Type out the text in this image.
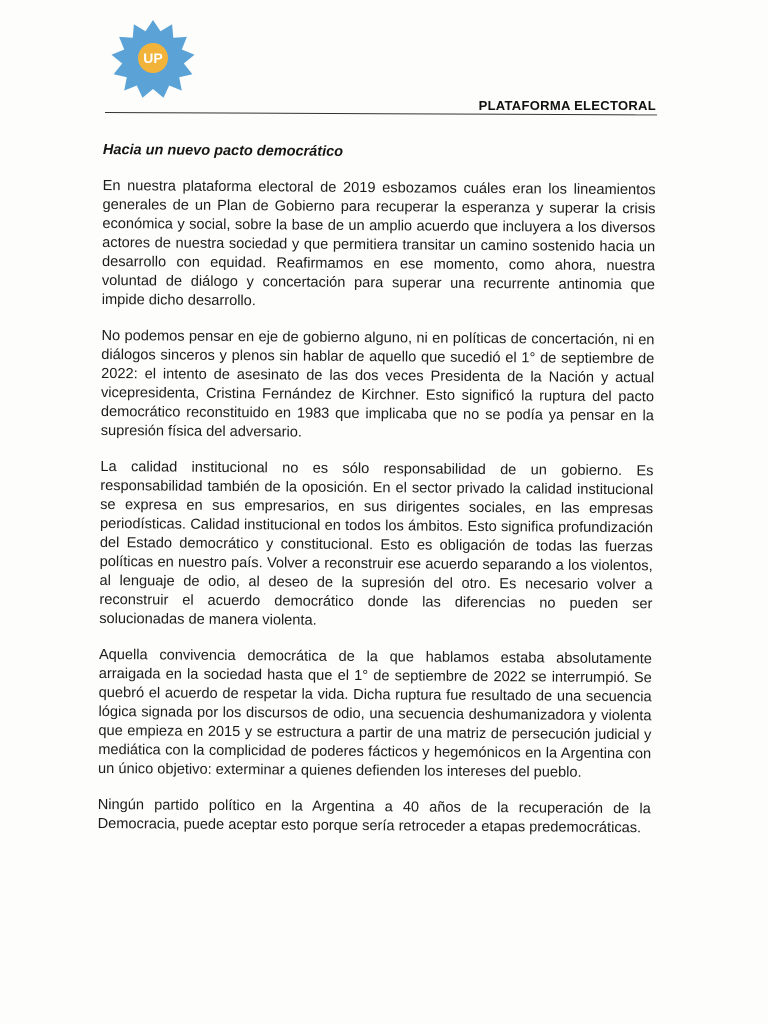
UP
PLATAFORMA ELECTORAL
Hacia un nuevo pacto democrático

En nuestra plataforma electoral de 2019 esbozamos cuáles eran los lineamientos generales de un Plan de Gobierno para recuperar la esperanza y superar la crisis económica y social, sobre la base de un amplio acuerdo que incluyera a los diversos actores de nuestra sociedad y que permitiera transitar un camino sostenido hacia un desarrollo con equidad. Reafirmamos en ese momento, como ahora, nuestra voluntad de diálogo y concertación para superar una recurrente antinomia que impide dicho desarrollo.

No podemos pensar en eje de gobierno alguno, ni en políticas de concertación, ni en diálogos sinceros y plenos sin hablar de aquello que sucedió el 1° de septiembre de 2022: el intento de asesinato de las dos veces Presidenta de la Nación y actual vicepresidenta, Cristina Fernández de Kirchner. Esto significó la ruptura del pacto democrático reconstituido en 1983 que implicaba que no se podía ya pensar en la supresión física del adversario.

La calidad institucional no es sólo responsabilidad de un gobierno. Es responsabilidad también de la oposición. En el sector privado la calidad institucional se expresa en sus empresarios, en sus dirigentes sociales, en las empresas periodísticas. Calidad institucional en todos los ámbitos. Esto significa profundización del Estado democrático y constitucional. Esto es obligación de todas las fuerzas políticas en nuestro país. Volver a reconstruir ese acuerdo separando a los violentos, al lenguaje de odio, al deseo de la supresión del otro. Es necesario volver a reconstruir el acuerdo democrático donde las diferencias no pueden ser solucionadas de manera violenta.

Aquella convivencia democrática de la que hablamos estaba absolutamente arraigada en la sociedad hasta que el 1° de septiembre de 2022 se interrumpió. Se quebró el acuerdo de respetar la vida. Dicha ruptura fue resultado de una secuencia lógica signada por los discursos de odio, una secuencia deshumanizadora y violenta que empieza en 2015 y se estructura a partir de una matriz de persecución judicial y mediática con la complicidad de poderes fácticos y hegemónicos en la Argentina con un único objetivo: exterminar a quienes defienden los intereses del pueblo.

Ningún partido político en la Argentina a 40 años de la recuperación de la Democracia, puede aceptar esto porque sería retroceder a etapas predemocráticas.
